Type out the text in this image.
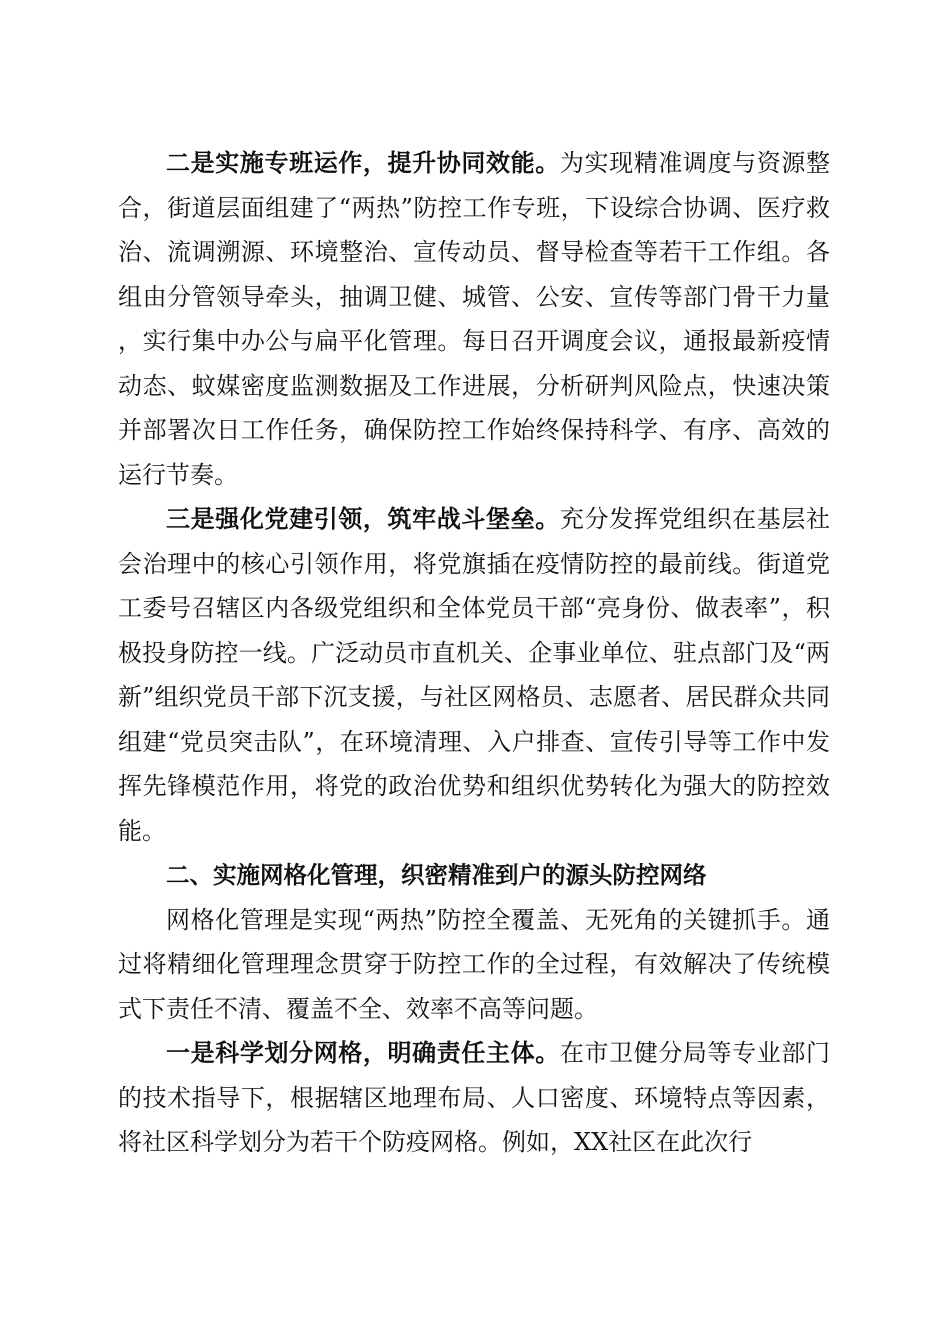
二是实施专班运作，提升协同效能。为实现精准调度与资源整合，街道层面组建了“两热”防控工作专班，下设综合协调、医疗救治、流调溯源、环境整治、宣传动员、督导检查等若干工作组。各组由分管领导牵头，抽调卫健、城管、公安、宣传等部门骨干力量，实行集中办公与扁平化管理。每日召开调度会议，通报最新疫情动态、蚊媒密度监测数据及工作进展，分析研判风险点，快速决策并部署次日工作任务，确保防控工作始终保持科学、有序、高效的运行节奏。

三是强化党建引领，筑牢战斗堡垒。充分发挥党组织在基层社会治理中的核心引领作用，将党旗插在疫情防控的最前线。街道党工委号召辖区内各级党组织和全体党员干部“亮身份、做表率”，积极投身防控一线。广泛动员市直机关、企事业单位、驻点部门及“两新”组织党员干部下沉支援，与社区网格员、志愿者、居民群众共同组建“党员突击队”，在环境清理、入户排查、宣传引导等工作中发挥先锋模范作用，将党的政治优势和组织优势转化为强大的防控效能。

二、实施网格化管理，织密精准到户的源头防控网络

网格化管理是实现“两热”防控全覆盖、无死角的关键抓手。通过将精细化管理理念贯穿于防控工作的全过程，有效解决了传统模式下责任不清、覆盖不全、效率不高等问题。

一是科学划分网格，明确责任主体。在市卫健分局等专业部门的技术指导下，根据辖区地理布局、人口密度、环境特点等因素，将社区科学划分为若干个防疫网格。例如，XX社区在此次行
